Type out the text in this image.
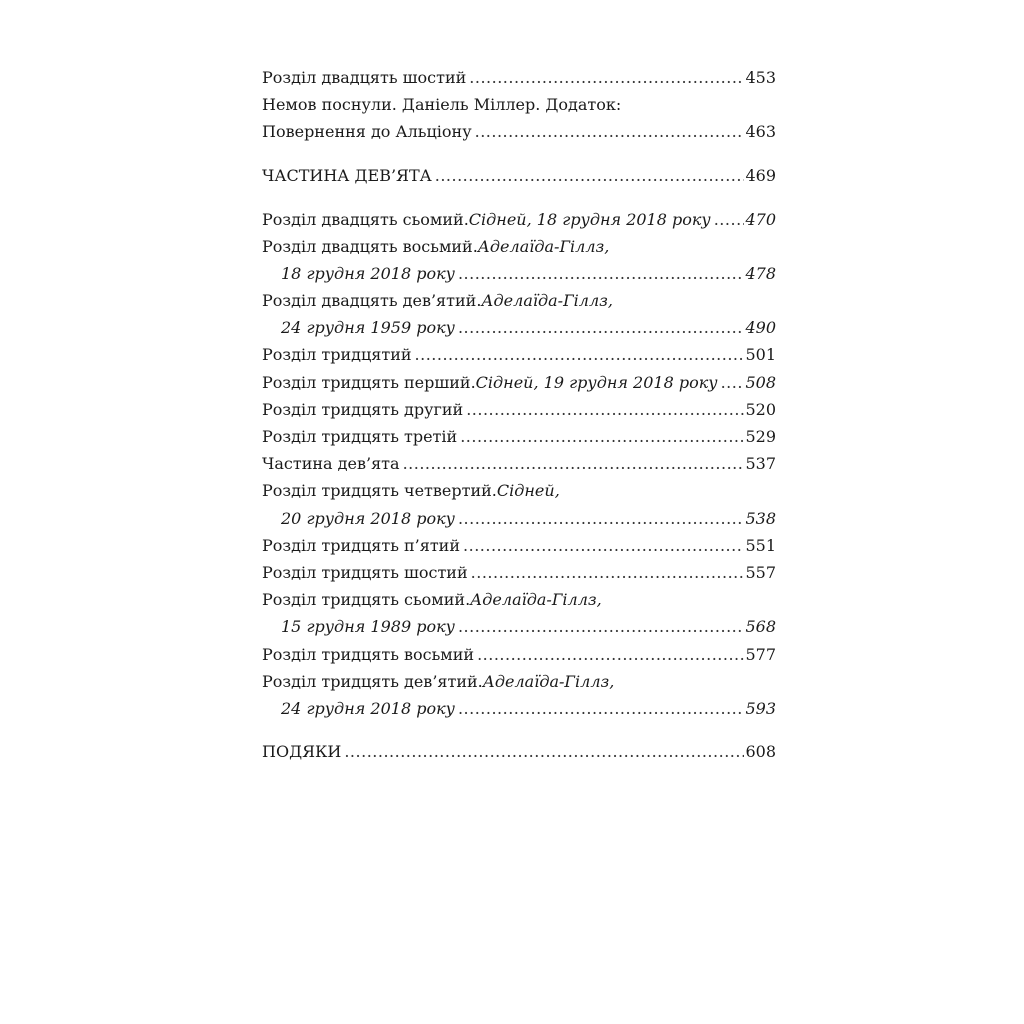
Розділ двадцять шостий .....	453
Немов поснули. Даніель Міллер. Додаток:
Повернення до Альціону .....	463
ЧАСТИНА ДЕВ’ЯТА .....	469
Розділ двадцять сьомий. Сідней, 18 грудня 2018 року ..... 470
Розділ двадцять восьмий. Аделаїда-Гіллз,
18 грудня 2018 року .....	478
Розділ двадцять дев’ятий. Аделаїда-Гіллз,
24 грудня 1959 року .....	490
Розділ тридцятий .....	501
Розділ тридцять перший. Сідней, 19 грудня 2018 року ..... 508
Розділ тридцять другий .....	520
Розділ тридцять третій .....	529
Частина дев’ята .....	537
Розділ тридцять четвертий. Сідней,
20 грудня 2018 року .....	538
Розділ тридцять п’ятий .....	551
Розділ тридцять шостий .....	557
Розділ тридцять сьомий. Аделаїда-Гіллз,
15 грудня 1989 року .....	568
Розділ тридцять восьмий .....	577
Розділ тридцять дев’ятий. Аделаїда-Гіллз,
24 грудня 2018 року .....	593
ПОДЯКИ .....	608
